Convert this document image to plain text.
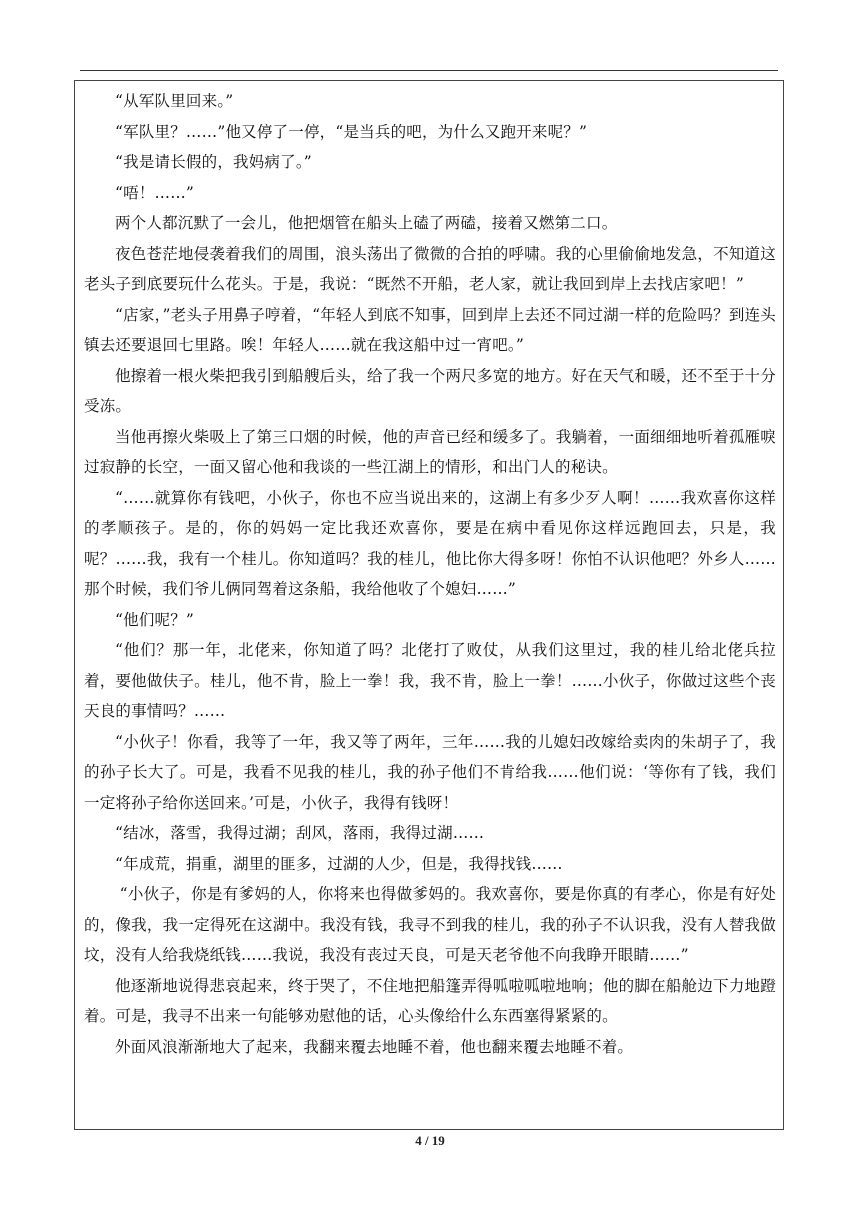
“从军队里回来。”

“军队里？……”他又停了一停，“是当兵的吧，为什么又跑开来呢？”

“我是请长假的，我妈病了。”

“唔！……”

两个人都沉默了一会儿，他把烟管在船头上磕了两磕，接着又燃第二口。

夜色苍茫地侵袭着我们的周围，浪头荡出了微微的合拍的呼啸。我的心里偷偷地发急，不知道这老头子到底要玩什么花头。于是，我说：“既然不开船，老人家，就让我回到岸上去找店家吧！”

“店家，”老头子用鼻子哼着，“年轻人到底不知事，回到岸上去还不同过湖一样的危险吗？到连头镇去还要退回七里路。唉！年轻人……就在我这船中过一宵吧。”

他擦着一根火柴把我引到船艘后头，给了我一个两尺多宽的地方。好在天气和暖，还不至于十分受冻。

当他再擦火柴吸上了第三口烟的时候，他的声音已经和缓多了。我躺着，一面细细地听着孤雁唳过寂静的长空，一面又留心他和我谈的一些江湖上的情形，和出门人的秘诀。

“……就算你有钱吧，小伙子，你也不应当说出来的，这湖上有多少歹人啊！……我欢喜你这样的孝顺孩子。是的，你的妈妈一定比我还欢喜你，要是在病中看见你这样远跑回去，只是，我呢？……我，我有一个桂儿。你知道吗？我的桂儿，他比你大得多呀！你怕不认识他吧？外乡人……那个时候，我们爷儿俩同驾着这条船，我给他收了个媳妇……”

“他们呢？”

“他们？那一年，北佬来，你知道了吗？北佬打了败仗，从我们这里过，我的桂儿给北佬兵拉着，要他做伕子。桂儿，他不肯，脸上一拳！我，我不肯，脸上一拳！……小伙子，你做过这些个丧天良的事情吗？……

“小伙子！你看，我等了一年，我又等了两年，三年……我的儿媳妇改嫁给卖肉的朱胡子了，我的孙子长大了。可是，我看不见我的桂儿，我的孙子他们不肯给我……他们说：‘等你有了钱，我们一定将孙子给你送回来。’可是，小伙子，我得有钱呀！

“结冰，落雪，我得过湖；刮风，落雨，我得过湖……

“年成荒，捐重，湖里的匪多，过湖的人少，但是，我得找钱……

“小伙子，你是有爹妈的人，你将来也得做爹妈的。我欢喜你，要是你真的有孝心，你是有好处的，像我，我一定得死在这湖中。我没有钱，我寻不到我的桂儿，我的孙子不认识我，没有人替我做坟，没有人给我烧纸钱……我说，我没有丧过天良，可是天老爷他不向我睁开眼睛……”

他逐渐地说得悲哀起来，终于哭了，不住地把船篷弄得呱啦呱啦地响；他的脚在船舱边下力地蹬着。可是，我寻不出来一句能够劝慰他的话，心头像给什么东西塞得紧紧的。

外面风浪渐渐地大了起来，我翻来覆去地睡不着，他也翻来覆去地睡不着。

4 / 19
